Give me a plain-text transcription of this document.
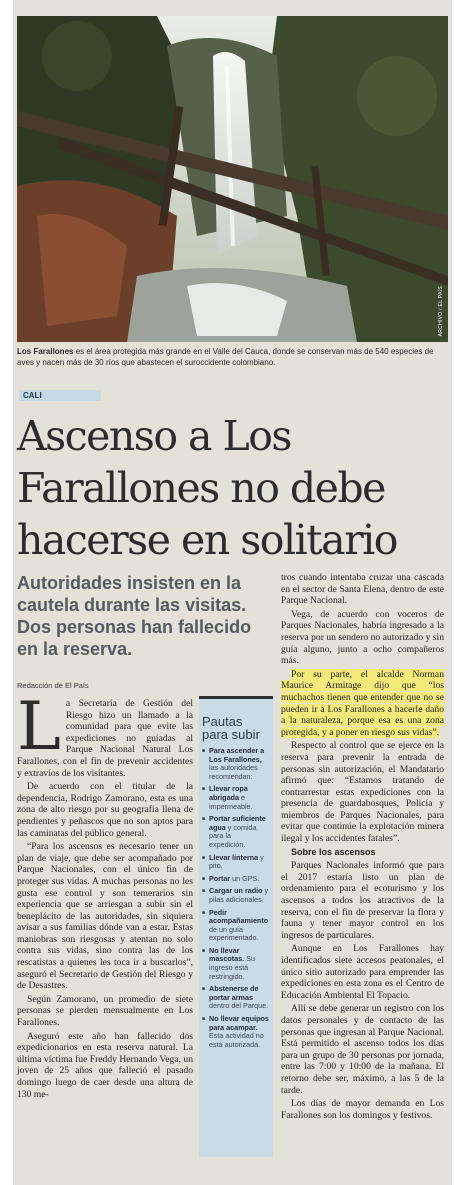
ARCHIVO / EL PAÍS
Los Farallones es el área protegida más grande en el Valle del Cauca, donde se conservan más de 540 especies de aves y nacen más de 30 ríos que abastecen el suroccidente colombiano.
CALI
Ascenso a Los Farallones no debe hacerse en solitario
Autoridades insisten en la cautela durante las visitas. Dos personas han fallecido en la reserva.
Redacción de El País

La Secretaría de Gestión del Riesgo hizo un llamado a la comunidad para que evite las expediciones no guiadas al Parque Nacional Natural Los Farallones, con el fin de prevenir accidentes y extravíos de los visitantes.

De acuerdo con el titular de la dependencia, Rodrigo Zamorano, esta es una zona de alto riesgo por su geografía llena de pendientes y peñascos que no son aptos para las caminatas del público general.

“Para los ascensos es necesario tener un plan de viaje, que debe ser acompañado por Parque Nacionales, con el único fin de proteger sus vidas. A muchas personas no les gusta ese control y son temerarios sin experiencia que se arriesgan a subir sin el beneplácito de las autoridades, sin siquiera avisar a sus familias dónde van a estar. Estas maniobras son riesgosas y atentan no solo contra sus vidas, sino contra las de los rescatistas a quienes les toca ir a buscarlos”, aseguró el Secretario de Gestión del Riesgo y de Desastres.

Según Zamorano, un promedio de siete personas se pierden mensualmente en Los Farallones.

Aseguró este año han fallecido dos expedicionarios en esta reserva natural. La última víctima fue Freddy Hernando Vega, un joven de 25 años que falleció el pasado domingo luego de caer desde una altura de 130 me-

Pautas para subir
■ Para ascender a Los Farallones, las autoridades recomiendan:
■ Llevar ropa abrigada e impermeable.
■ Portar suficiente agua y comida para la expedición.
■ Llevar linterna y pito.
■ Portar un GPS.
■ Cargar un radio y pilas adicionales.
■ Pedir acompañamiento de un guía experimentado.
■ No llevar mascotas. Su ingreso está restringido.
■ Abstenerse de portar armas dentro del Parque.
■ No llevar equipos para acampar. Esta actividad no está autorizada.

tros cuando intentaba cruzar una cascada en el sector de Santa Elena, dentro de este Parque Nacional.

Vega, de acuerdo con voceros de Parques Nacionales, habría ingresado a la reserva por un sendero no autorizado y sin guía alguno, junto a ocho compañeros más.

Por su parte, el alcalde Norman Maurice Armitage dijo que “los muchachos tienen que entender que no se pueden ir a Los Farallones a hacerle daño a la naturaleza, porque esa es una zona protegida, y a poner en riesgo sus vidas”.

Respecto al control que se ejerce en la reserva para prevenir la entrada de personas sin autorización, el Mandatario afirmó que: “Estamos tratando de contrarrestar estas expediciones con la presencia de guardabosques, Policía y miembros de Parques Nacionales, para evitar que continúe la explotación minera ilegal y los accidentes fatales”.

Sobre los ascensos

Parques Nacionales informó que para el 2017 estaría listo un plan de ordenamiento para el ecoturismo y los ascensos a todos los atractivos de la reserva, con el fin de preservar la flora y fauna y tener mayor control en los ingresos de particulares.

Aunque en Los Farallones hay identificados siete accesos peatonales, el único sitio autorizado para emprender las expediciones en esta zona es el Centro de Educación Ambiental El Topacio.

Allí se debe generar un registro con los datos personales y de contacto de las personas que ingresan al Parque Nacional. Está permitido el ascenso todos los días para un grupo de 30 personas por jornada, entre las 7:00 y 10:00 de la mañana. El retorno debe ser, máximo, a las 5 de la tarde.

Los días de mayor demanda en Los Farallones son los domingos y festivos.
